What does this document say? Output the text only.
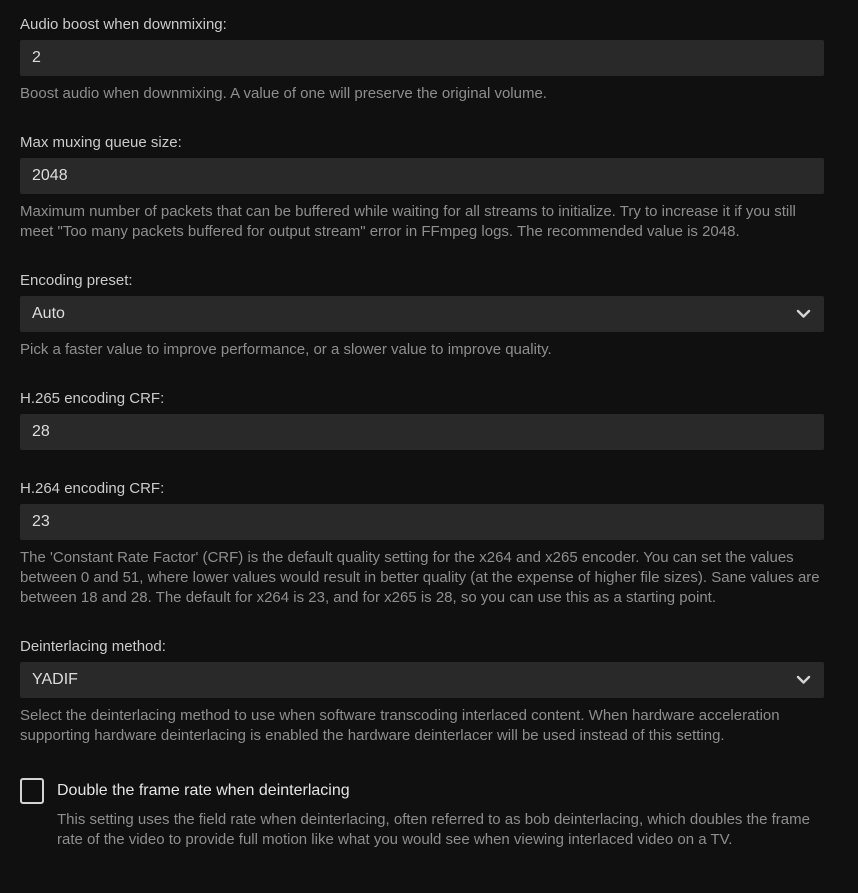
Audio boost when downmixing:
2
Boost audio when downmixing. A value of one will preserve the original volume.
Max muxing queue size:
2048
Maximum number of packets that can be buffered while waiting for all streams to initialize. Try to increase it if you still meet "Too many packets buffered for output stream" error in FFmpeg logs. The recommended value is 2048.
Encoding preset:
Auto
Pick a faster value to improve performance, or a slower value to improve quality.
H.265 encoding CRF:
28
H.264 encoding CRF:
23
The 'Constant Rate Factor' (CRF) is the default quality setting for the x264 and x265 encoder. You can set the values between 0 and 51, where lower values would result in better quality (at the expense of higher file sizes). Sane values are between 18 and 28. The default for x264 is 23, and for x265 is 28, so you can use this as a starting point.
Deinterlacing method:
YADIF
Select the deinterlacing method to use when software transcoding interlaced content. When hardware acceleration supporting hardware deinterlacing is enabled the hardware deinterlacer will be used instead of this setting.
Double the frame rate when deinterlacing
This setting uses the field rate when deinterlacing, often referred to as bob deinterlacing, which doubles the frame rate of the video to provide full motion like what you would see when viewing interlaced video on a TV.
